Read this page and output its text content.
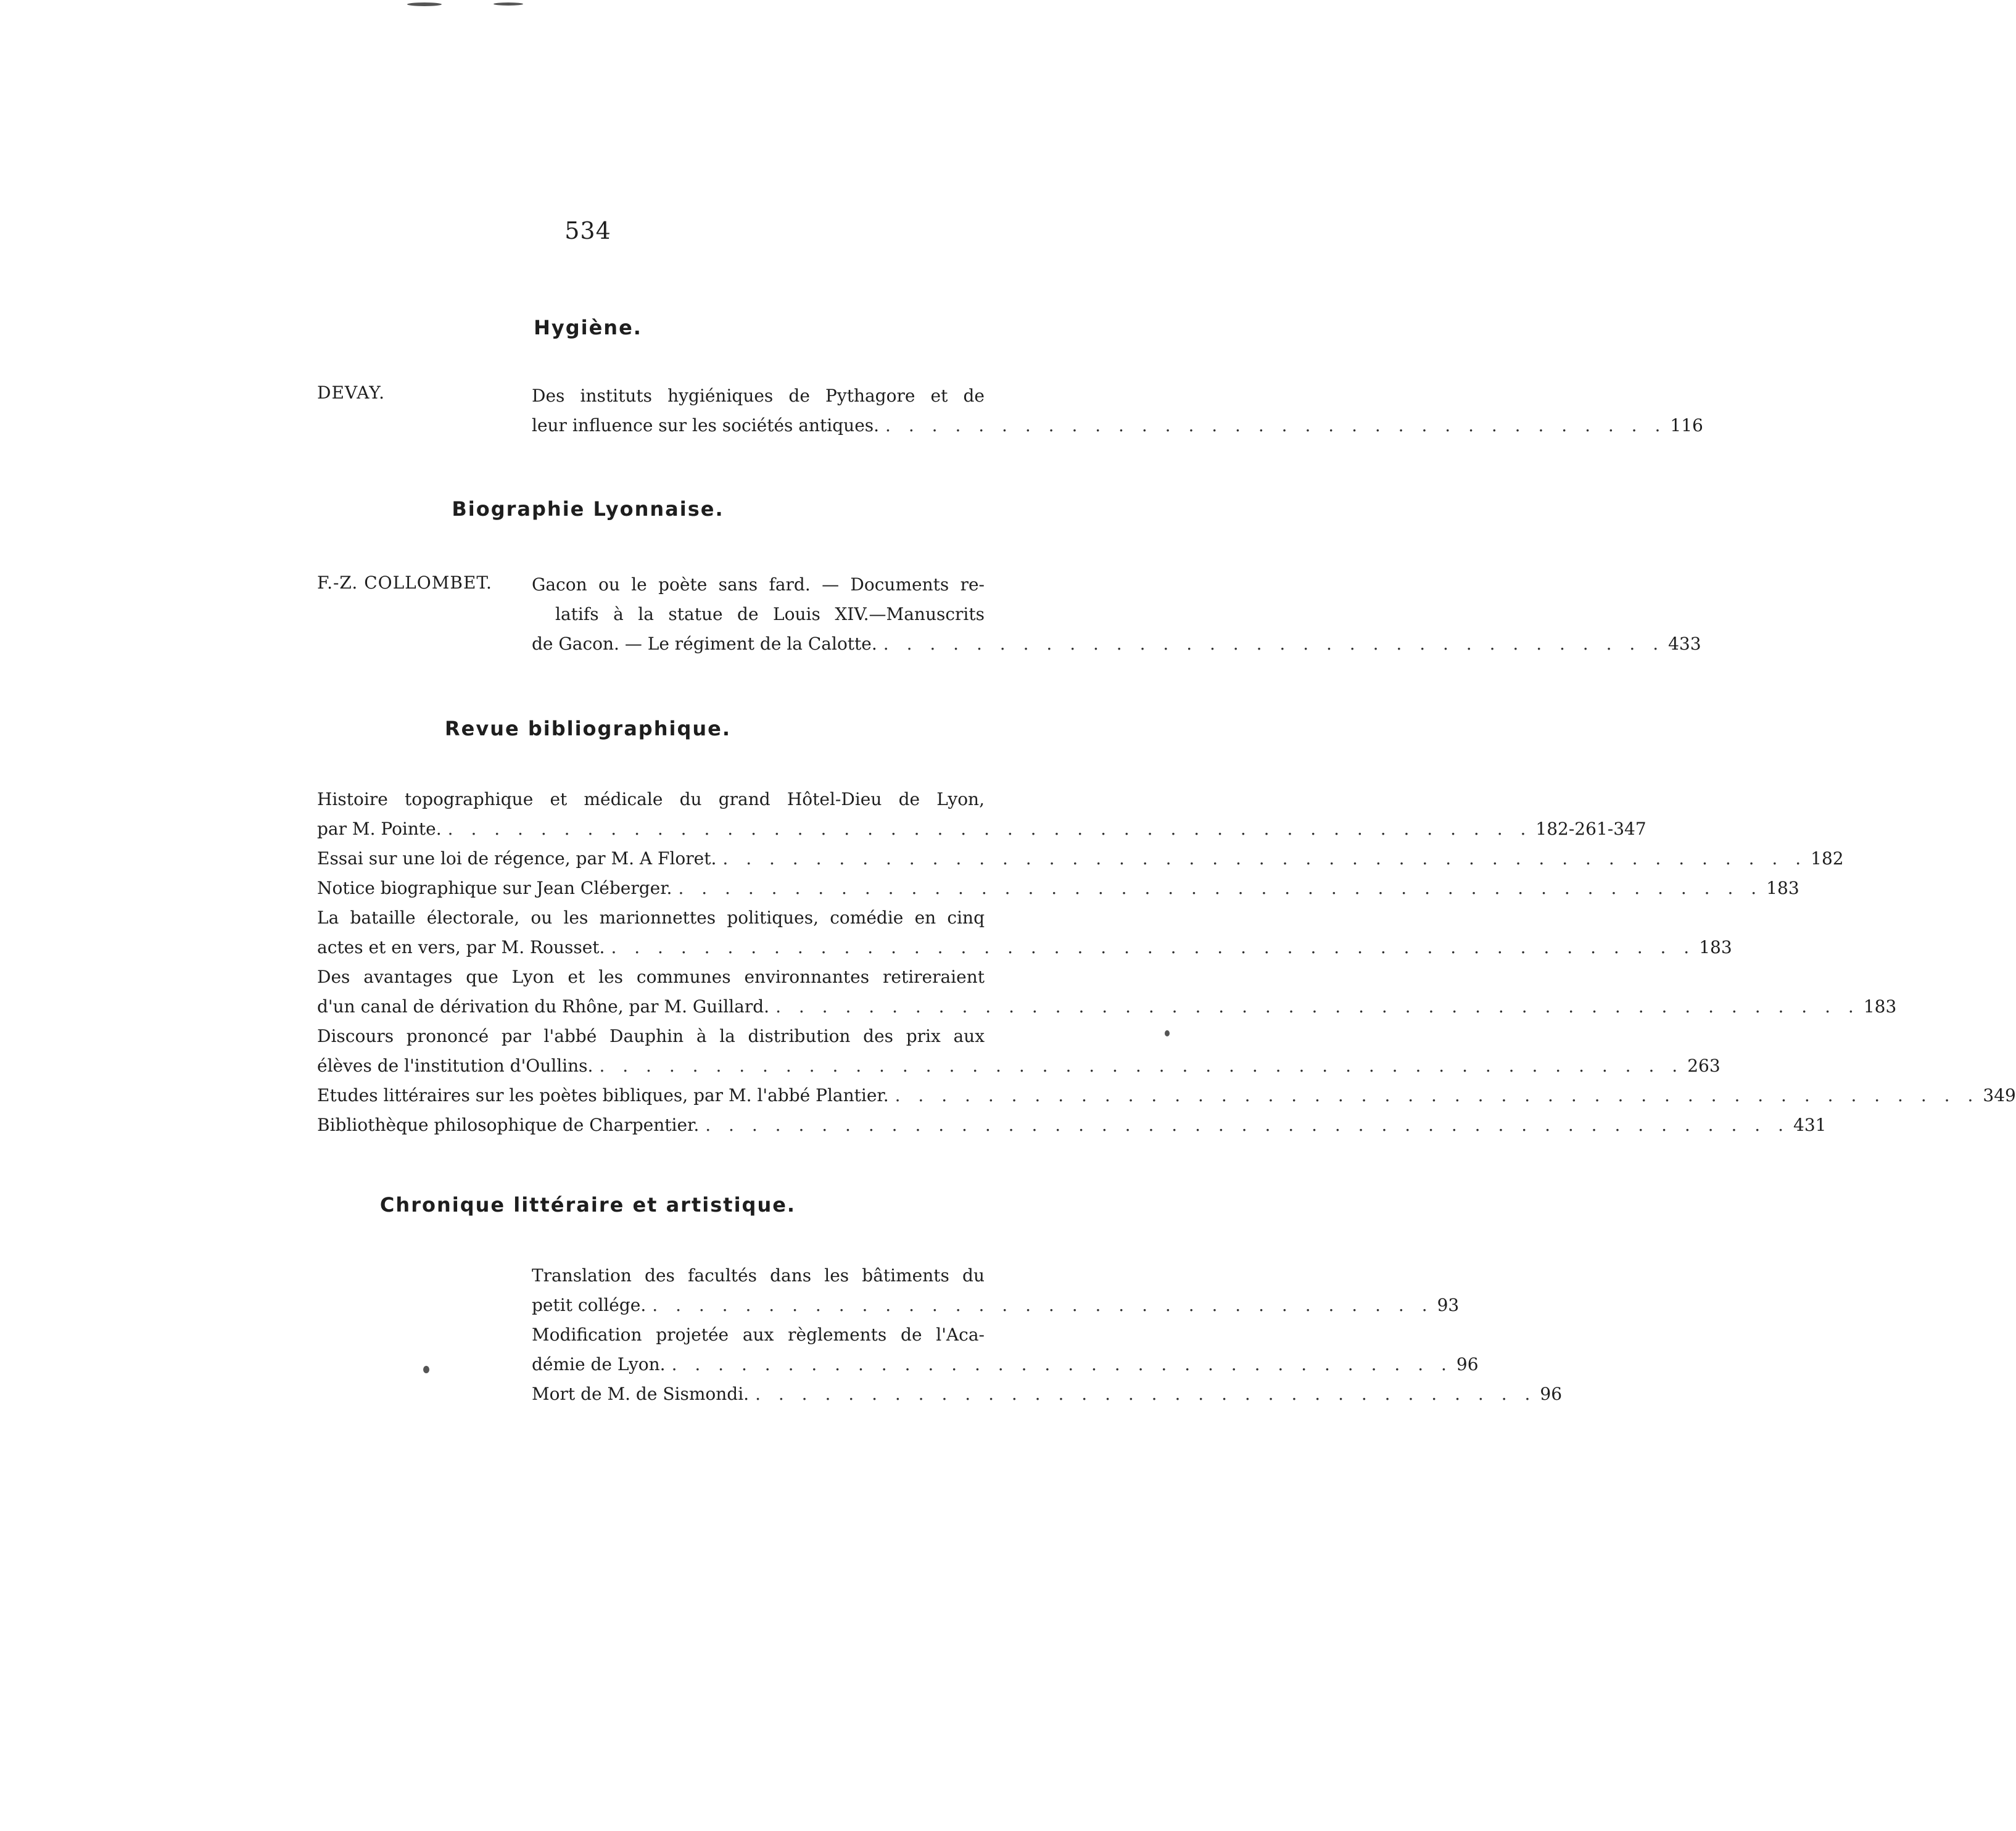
534
Hygiène.
DEVAY.	Des instituts hygiéniques de Pythagore et de
leur influence sur les sociétés antiques. . . . . . . . . . . . . . . . . . . . . . . . . . . . . . . . . . . 116
Biographie Lyonnaise.
F.-Z. COLLOMBET. Gacon ou le poète sans fard. — Documents re-
latifs à la statue de Louis XIV.—Manuscrits
de Gacon. — Le régiment de la Calotte. . . . . . . . . . . . . . . . . . . . . . . . . . . . . . . . . . . 433
Revue bibliographique.
Histoire topographique et médicale du grand Hôtel-Dieu de Lyon,
par M. Pointe. . . . . . . . . . . . . . . . . . . . . . . . . . . . . . . . . . . . . . . . . . . . . . . . 182-261-347
Essai sur une loi de régence, par M. A Floret. . . . . . . . . . . . . . . . . . . . . . . . . . . . . . . . . . . . . . . . . . . . . . . . 182
Notice biographique sur Jean Cléberger. . . . . . . . . . . . . . . . . . . . . . . . . . . . . . . . . . . . . . . . . . . . . . . . 183
La bataille électorale, ou les marionnettes politiques, comédie en cinq
actes et en vers, par M. Rousset. . . . . . . . . . . . . . . . . . . . . . . . . . . . . . . . . . . . . . . . . . . . . . . . 183
Des avantages que Lyon et les communes environnantes retireraient
d'un canal de dérivation du Rhône, par M. Guillard. . . . . . . . . . . . . . . . . . . . . . . . . . . . . . . . . . . . . . . . . . . . . . . . 183
Discours prononcé par l'abbé Dauphin à la distribution des prix aux
élèves de l'institution d'Oullins. . . . . . . . . . . . . . . . . . . . . . . . . . . . . . . . . . . . . . . . . . . . . . . . 263
Etudes littéraires sur les poètes bibliques, par M. l'abbé Plantier. . . . . . . . . . . . . . . . . . . . . . . . . . . . . . . . . . . . . . . . . . . . . . . . 349
Bibliothèque philosophique de Charpentier. . . . . . . . . . . . . . . . . . . . . . . . . . . . . . . . . . . . . . . . . . . . . . . . 431
Chronique littéraire et artistique.
Translation des facultés dans les bâtiments du
petit collége. . . . . . . . . . . . . . . . . . . . . . . . . . . . . . . . . . . 93
Modification projetée aux règlements de l'Aca-
démie de Lyon. . . . . . . . . . . . . . . . . . . . . . . . . . . . . . . . . . . 96
Mort de M. de Sismondi. . . . . . . . . . . . . . . . . . . . . . . . . . . . . . . . . . . 96
